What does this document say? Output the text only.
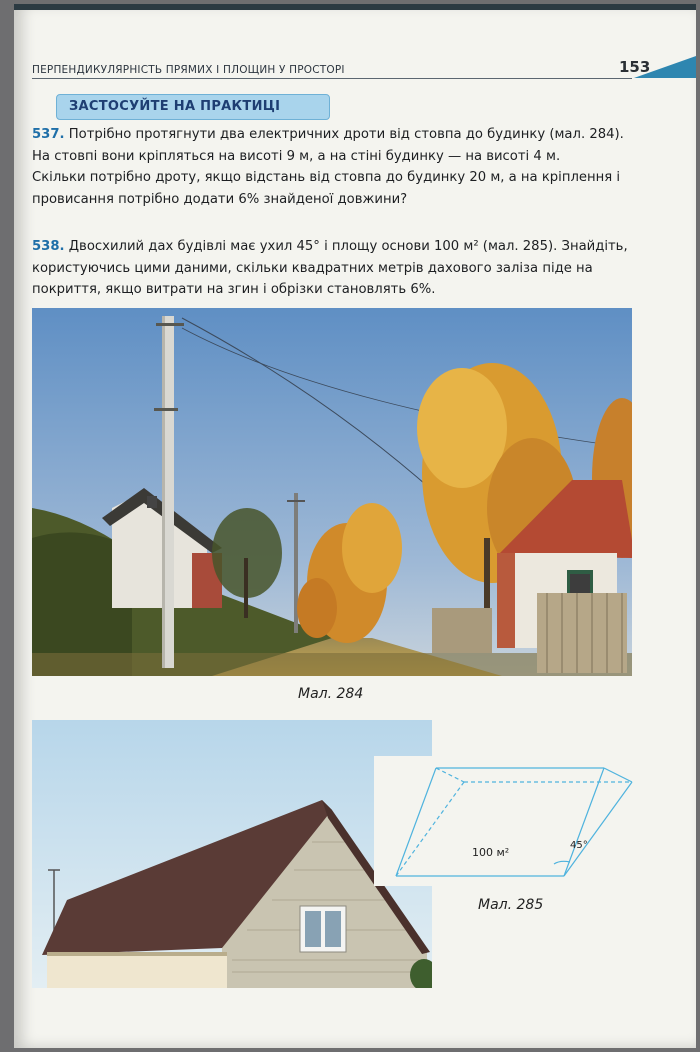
ПЕРПЕНДИКУЛЯРНІСТЬ ПРЯМИХ І ПЛОЩИН У ПРОСТОРІ	153
ЗАСТОСУЙТЕ НА ПРАКТИЦІ

537. Потрібно протягнути два електричних дроти від стовпа до будинку (мал. 284). На стовпі вони кріпляться на висоті 9 м, а на стіні будинку — на висоті 4 м.

Скільки потрібно дроту, якщо відстань від стовпа до будинку 20 м, а на кріплення і провисання потрібно додати 6% знайденої довжини?

538. Двосхилий дах будівлі має ухил 45° і площу основи 100 м² (мал. 285). Знайдіть, користуючись цими даними, скільки квадратних метрів дахового заліза піде на покриття, якщо витрати на згин і обрізки становлять 6%.

Мал. 284
100 м²
45°
Мал. 285
